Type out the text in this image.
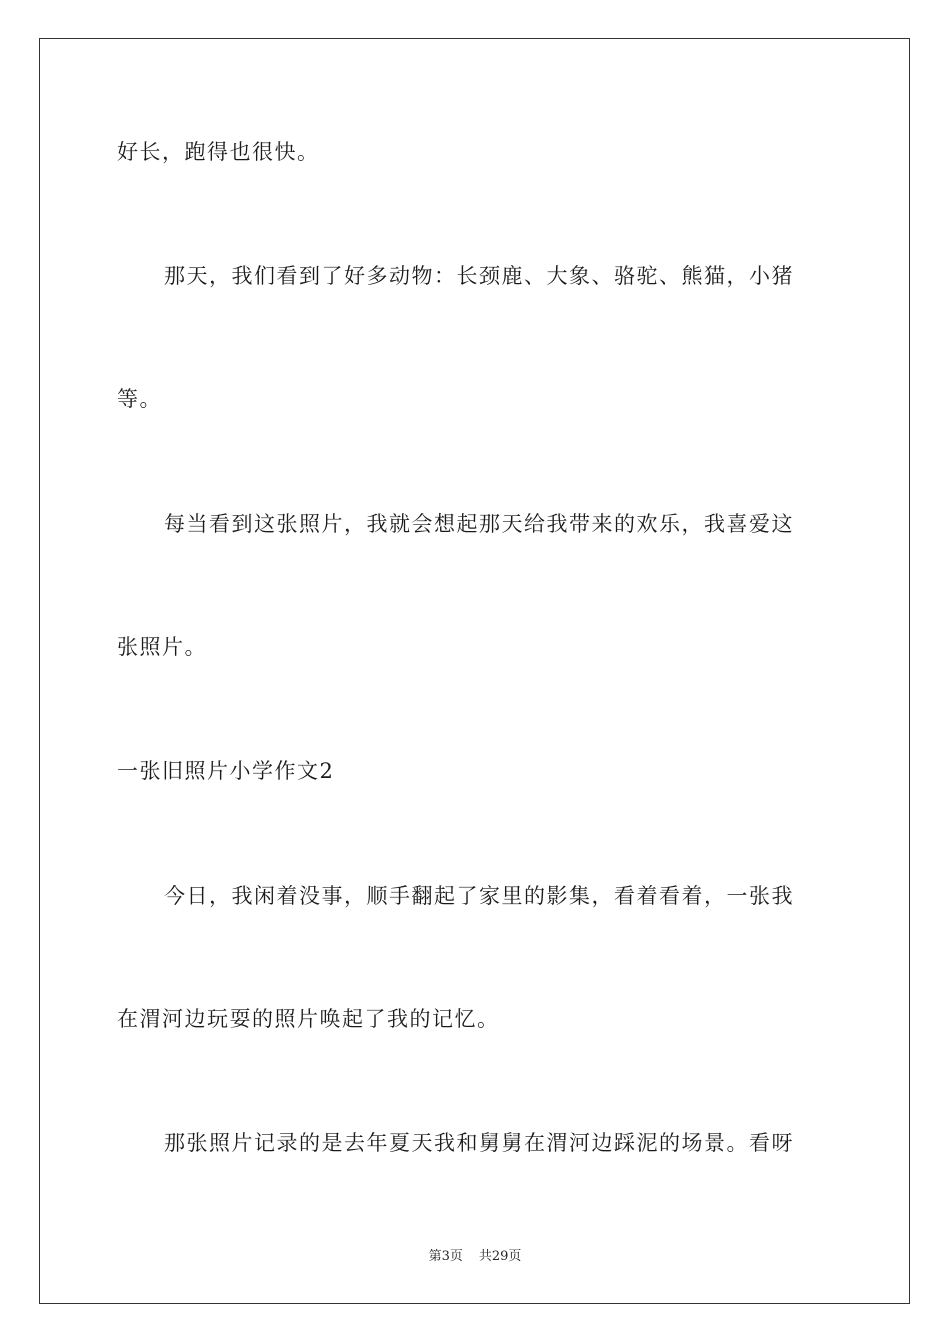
好长，跑得也很快。
那天，我们看到了好多动物：长颈鹿、大象、骆驼、熊猫，小猪
等。
每当看到这张照片，我就会想起那天给我带来的欢乐，我喜爱这
张照片。
一张旧照片小学作文2
今日，我闲着没事，顺手翻起了家里的影集，看着看着，一张我
在渭河边玩耍的照片唤起了我的记忆。
那张照片记录的是去年夏天我和舅舅在渭河边踩泥的场景。看呀
第3页 共29页
